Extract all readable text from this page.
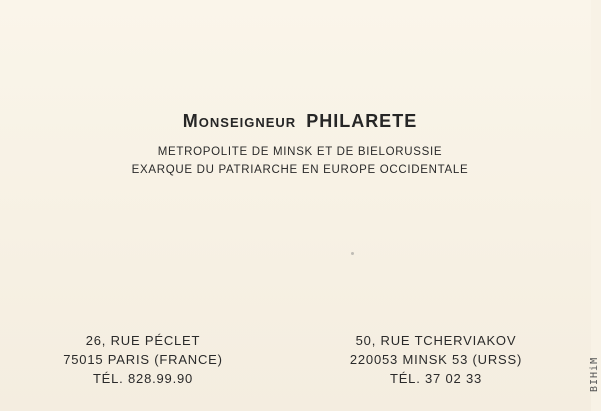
Monseigneur PHILARETE
METROPOLITE DE MINSK ET DE BIELORUSSIE
EXARQUE DU PATRIARCHE EN EUROPE OCCIDENTALE
26, RUE PÉCLET
75015 PARIS (FRANCE)
TÉL. 828.99.90
50, RUE TCHERVIAKOV
220053 MINSK 53 (URSS)
TÉL. 37 02 33	BIHiM
